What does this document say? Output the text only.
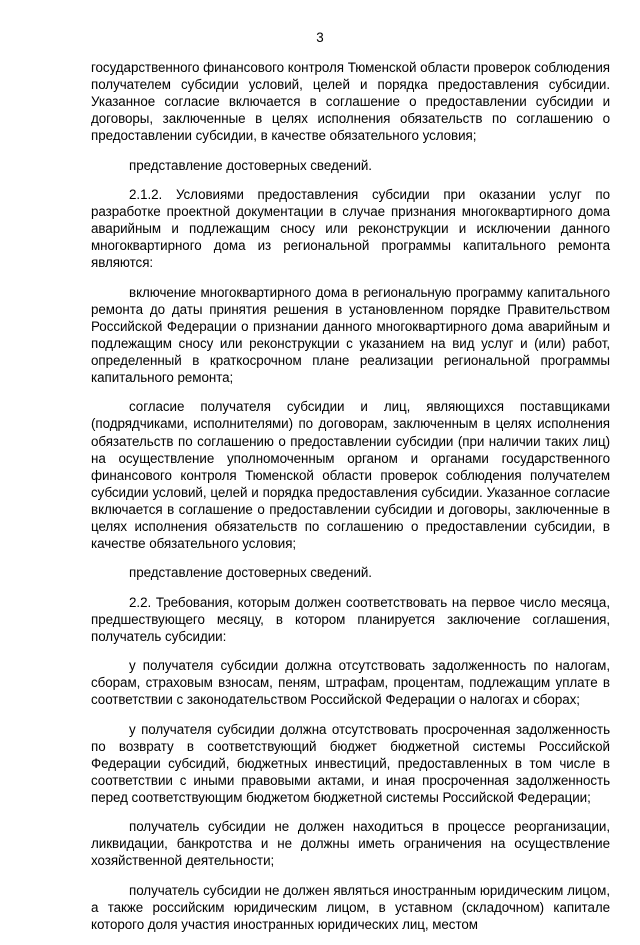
3

государственного финансового контроля Тюменской области проверок соблюдения получателем субсидии условий, целей и порядка предоставления субсидии. Указанное согласие включается в соглашение о предоставлении субсидии и договоры, заключенные в целях исполнения обязательств по соглашению о предоставлении субсидии, в качестве обязательного условия;

представление достоверных сведений.

2.1.2. Условиями предоставления субсидии при оказании услуг по разработке проектной документации в случае признания многоквартирного дома аварийным и подлежащим сносу или реконструкции и исключении данного многоквартирного дома из региональной программы капитального ремонта являются:

включение многоквартирного дома в региональную программу капитального ремонта до даты принятия решения в установленном порядке Правительством Российской Федерации о признании данного многоквартирного дома аварийным и подлежащим сносу или реконструкции с указанием на вид услуг и (или) работ, определенный в краткосрочном плане реализации региональной программы капитального ремонта;

согласие получателя субсидии и лиц, являющихся поставщиками (подрядчиками, исполнителями) по договорам, заключенным в целях исполнения обязательств по соглашению о предоставлении субсидии (при наличии таких лиц) на осуществление уполномоченным органом и органами государственного финансового контроля Тюменской области проверок соблюдения получателем субсидии условий, целей и порядка предоставления субсидии. Указанное согласие включается в соглашение о предоставлении субсидии и договоры, заключенные в целях исполнения обязательств по соглашению о предоставлении субсидии, в качестве обязательного условия;

представление достоверных сведений.

2.2. Требования, которым должен соответствовать на первое число месяца, предшествующего месяцу, в котором планируется заключение соглашения, получатель субсидии:

у получателя субсидии должна отсутствовать задолженность по налогам, сборам, страховым взносам, пеням, штрафам, процентам, подлежащим уплате в соответствии с законодательством Российской Федерации о налогах и сборах;

у получателя субсидии должна отсутствовать просроченная задолженность по возврату в соответствующий бюджет бюджетной системы Российской Федерации субсидий, бюджетных инвестиций, предоставленных в том числе в соответствии с иными правовыми актами, и иная просроченная задолженность перед соответствующим бюджетом бюджетной системы Российской Федерации;

получатель субсидии не должен находиться в процессе реорганизации, ликвидации, банкротства и не должны иметь ограничения на осуществление хозяйственной деятельности;

получатель субсидии не должен являться иностранным юридическим лицом, а также российским юридическим лицом, в уставном (складочном) капитале которого доля участия иностранных юридических лиц, местом
